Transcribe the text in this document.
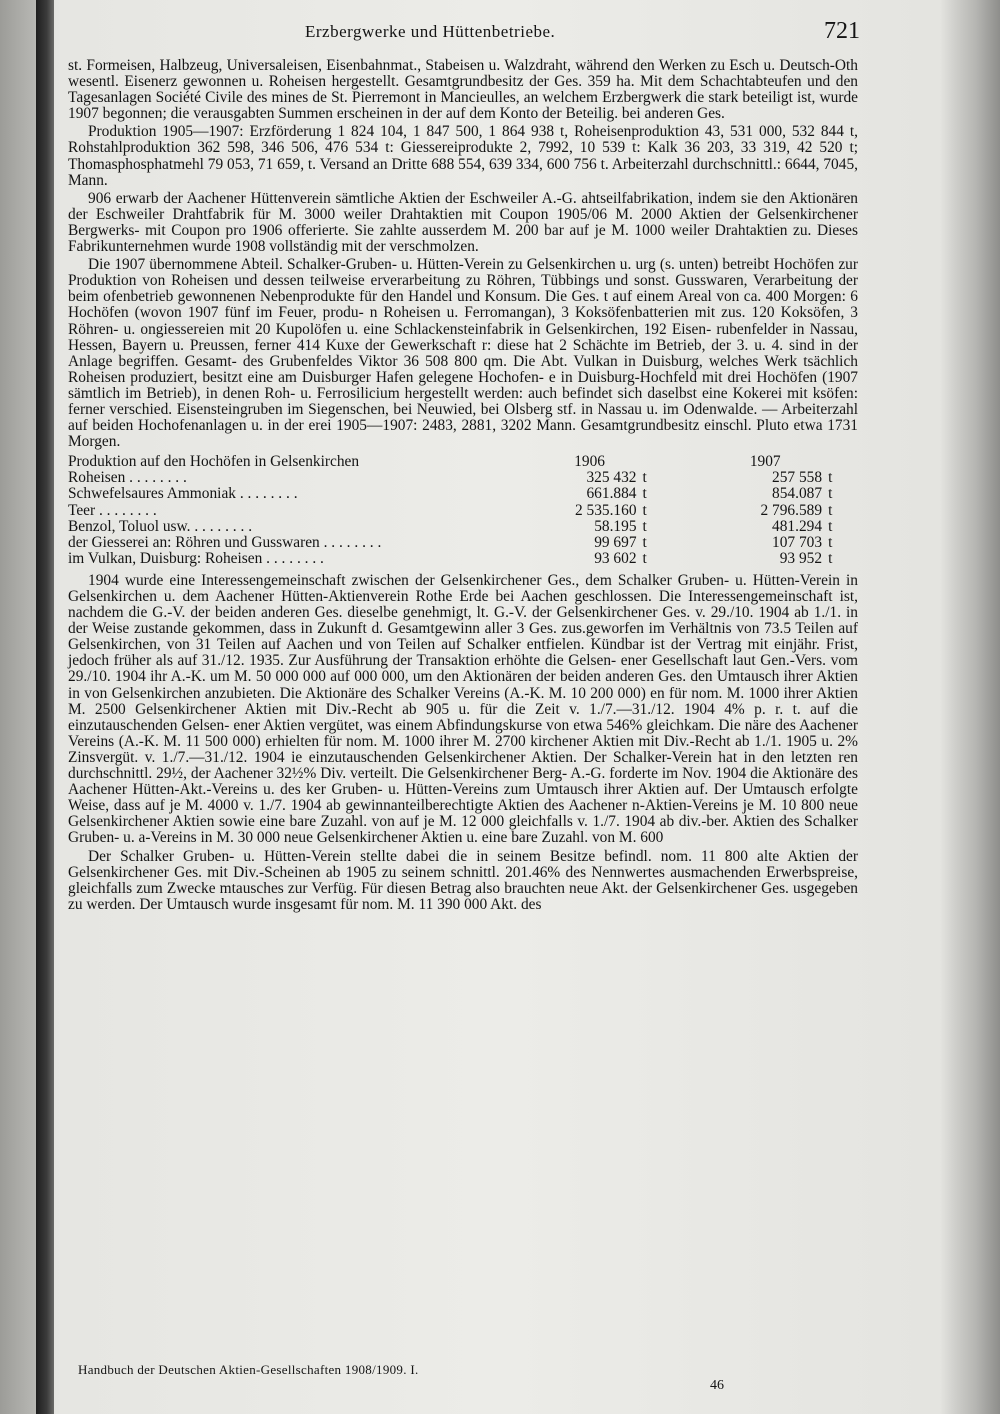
Erzbergwerke und Hüttenbetriebe.	721

st. Formeisen, Halbzeug, Universaleisen, Eisenbahnmat., Stabeisen u. Walzdraht, während den Werken zu Esch u. Deutsch-Oth wesentl. Eisenerz gewonnen u. Roheisen hergestellt. Gesamtgrundbesitz der Ges. 359 ha. Mit dem Schachtabteufen und den Tagesanlagen Société Civile des mines de St. Pierremont in Mancieulles, an welchem Erzbergwerk die stark beteiligt ist, wurde 1907 begonnen; die verausgabten Summen erscheinen in der auf dem Konto der Beteilig. bei anderen Ges.

Produktion 1905—1907: Erzförderung 1 824 104, 1 847 500, 1 864 938 t, Roheisenproduktion 43, 531 000, 532 844 t, Rohstahlproduktion 362 598, 346 506, 476 534 t: Giessereiprodukte 2, 7992, 10 539 t: Kalk 36 203, 33 319, 42 520 t; Thomasphosphatmehl 79 053, 71 659, t. Versand an Dritte 688 554, 639 334, 600 756 t. Arbeiterzahl durchschnittl.: 6644, 7045, Mann.

906 erwarb der Aachener Hüttenverein sämtliche Aktien der Eschweiler A.-G. ahtseilfabrikation, indem sie den Aktionären der Eschweiler Drahtfabrik für M. 3000 weiler Drahtaktien mit Coupon 1905/06 M. 2000 Aktien der Gelsenkirchener Bergwerks- mit Coupon pro 1906 offerierte. Sie zahlte ausserdem M. 200 bar auf je M. 1000 weiler Drahtaktien zu. Dieses Fabrikunternehmen wurde 1908 vollständig mit der verschmolzen.

Die 1907 übernommene Abteil. Schalker-Gruben- u. Hütten-Verein zu Gelsenkirchen u. urg (s. unten) betreibt Hochöfen zur Produktion von Roheisen und dessen teilweise erverarbeitung zu Röhren, Tübbings und sonst. Gusswaren, Verarbeitung der beim ofenbetrieb gewonnenen Nebenprodukte für den Handel und Konsum. Die Ges. t auf einem Areal von ca. 400 Morgen: 6 Hochöfen (wovon 1907 fünf im Feuer, produ- n Roheisen u. Ferromangan), 3 Koksöfenbatterien mit zus. 120 Koksöfen, 3 Röhren- u. ongiessereien mit 20 Kupolöfen u. eine Schlackensteinfabrik in Gelsenkirchen, 192 Eisen- rubenfelder in Nassau, Hessen, Bayern u. Preussen, ferner 414 Kuxe der Gewerkschaft r: diese hat 2 Schächte im Betrieb, der 3. u. 4. sind in der Anlage begriffen. Gesamt- des Grubenfeldes Viktor 36 508 800 qm. Die Abt. Vulkan in Duisburg, welches Werk tsächlich Roheisen produziert, besitzt eine am Duisburger Hafen gelegene Hochofen- e in Duisburg-Hochfeld mit drei Hochöfen (1907 sämtlich im Betrieb), in denen Roh- u. Ferrosilicium hergestellt werden: auch befindet sich daselbst eine Kokerei mit ksöfen: ferner verschied. Eisensteingruben im Siegenschen, bei Neuwied, bei Olsberg stf. in Nassau u. im Odenwalde. — Arbeiterzahl auf beiden Hochofenanlagen u. in der erei 1905—1907: 2483, 2881, 3202 Mann. Gesamtgrundbesitz einschl. Pluto etwa 1731 Morgen.

Produktion auf den Hochöfen in Gelsenkirchen	1906		1907	
Roheisen . . .	325 432	t	257 558	t
Schwefelsaures Ammoniak . . .	661.884	t	854.087	t
Teer . . .	2 535.160	t	2 796.589	t
Benzol, Toluol usw. . . .	58.195	t	481.294	t
der Giesserei an: Röhren und Gusswaren . . .	99 697	t	107 703	t
im Vulkan, Duisburg: Roheisen . . .	93 602	t	93 952	t

1904 wurde eine Interessengemeinschaft zwischen der Gelsenkirchener Ges., dem Schalker Gruben- u. Hütten-Verein in Gelsenkirchen u. dem Aachener Hütten-Aktienverein Rothe Erde bei Aachen geschlossen. Die Interessengemeinschaft ist, nachdem die G.-V. der beiden anderen Ges. dieselbe genehmigt, lt. G.-V. der Gelsenkirchener Ges. v. 29./10. 1904 ab 1./1. in der Weise zustande gekommen, dass in Zukunft d. Gesamtgewinn aller 3 Ges. zus.geworfen im Verhältnis von 73.5 Teilen auf Gelsenkirchen, von 31 Teilen auf Aachen und von Teilen auf Schalker entfielen. Kündbar ist der Vertrag mit einjähr. Frist, jedoch früher als auf 31./12. 1935. Zur Ausführung der Transaktion erhöhte die Gelsen- ener Gesellschaft laut Gen.-Vers. vom 29./10. 1904 ihr A.-K. um M. 50 000 000 auf 000 000, um den Aktionären der beiden anderen Ges. den Umtausch ihrer Aktien in von Gelsenkirchen anzubieten. Die Aktionäre des Schalker Vereins (A.-K. M. 10 200 000) en für nom. M. 1000 ihrer Aktien M. 2500 Gelsenkirchener Aktien mit Div.-Recht ab 905 u. für die Zeit v. 1./7.—31./12. 1904 4% p. r. t. auf die einzutauschenden Gelsen- ener Aktien vergütet, was einem Abfindungskurse von etwa 546% gleichkam. Die näre des Aachener Vereins (A.-K. M. 11 500 000) erhielten für nom. M. 1000 ihrer M. 2700 kirchener Aktien mit Div.-Recht ab 1./1. 1905 u. 2% Zinsvergüt. v. 1./7.—31./12. 1904 ie einzutauschenden Gelsenkirchener Aktien. Der Schalker-Verein hat in den letzten ren durchschnittl. 29½, der Aachener 32½% Div. verteilt. Die Gelsenkirchener Berg- A.-G. forderte im Nov. 1904 die Aktionäre des Aachener Hütten-Akt.-Vereins u. des ker Gruben- u. Hütten-Vereins zum Umtausch ihrer Aktien auf. Der Umtausch erfolgte Weise, dass auf je M. 4000 v. 1./7. 1904 ab gewinnanteilberechtigte Aktien des Aachener n-Aktien-Vereins je M. 10 800 neue Gelsenkirchener Aktien sowie eine bare Zuzahl. von auf je M. 12 000 gleichfalls v. 1./7. 1904 ab div.-ber. Aktien des Schalker Gruben- u. a-Vereins in M. 30 000 neue Gelsenkirchener Aktien u. eine bare Zuzahl. von M. 600

Der Schalker Gruben- u. Hütten-Verein stellte dabei die in seinem Besitze befindl. nom. 11 800 alte Aktien der Gelsenkirchener Ges. mit Div.-Scheinen ab 1905 zu seinem schnittl. 201.46% des Nennwertes ausmachenden Erwerbspreise, gleichfalls zum Zwecke mtausches zur Verfüg. Für diesen Betrag also brauchten neue Akt. der Gelsenkirchener Ges. usgegeben zu werden. Der Umtausch wurde insgesamt für nom. M. 11 390 000 Akt. des

Handbuch der Deutschen Aktien-Gesellschaften 1908/1909. I.
46
